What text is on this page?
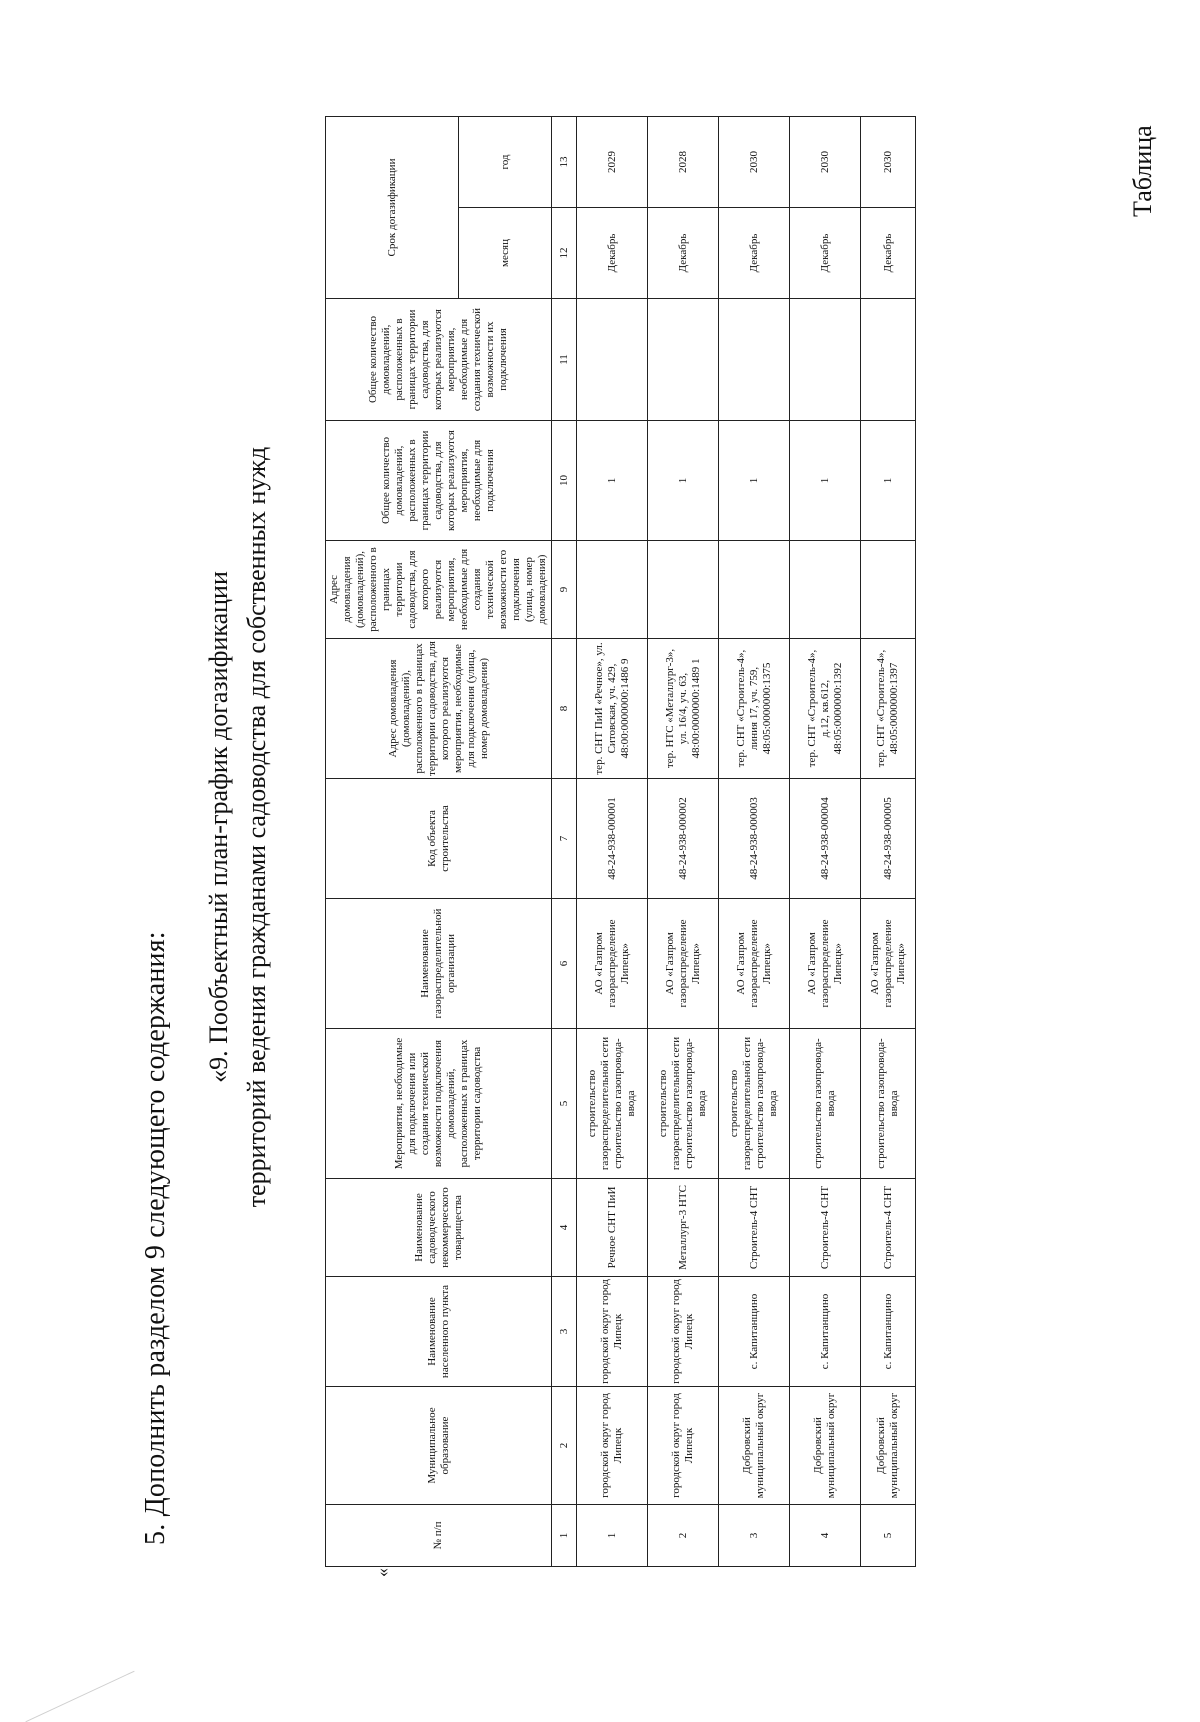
5. Дополнить разделом 9 следующего содержания:
«9. Пообъектный план-график догазификации территорий ведения гражданами садоводства для собственных нужд
Таблица
«
№ п/п	Муниципальное образование	Наименование населенного пункта	Наименование садоводческого некоммерческого товарищества	Мероприятия, необходимые для подключения или создания технической возможности подключения домовладений, расположенных в границах территории садоводства	Наименование газораспределительной организации	Код объекта строительства	Адрес домовладения (домовладений), расположенного в границах территории садоводства, для которого реализуются мероприятия, необходимые для подключения (улица, номер домовладения)	Адрес домовладения (домовладений), расположенного в границах территории садоводства, для которого реализуются мероприятия, необходимые для создания технической возможности его подключения (улица, номер домовладения)	Общее количество домовладений, расположенных в границах территории садоводства, для которых реализуются мероприятия, необходимые для подключения	Общее количество домовладений, расположенных в границах территории садоводства, для которых реализуются мероприятия, необходимые для создания технической возможности их подключения	Срок догазификации	
											месяц	год
1	2	3	4	5	6	7	8	9	10	11	12	13
1	городской округ город Липецк	городской округ город Липецк	Речное СНТ ПиИ	строительство газораспределительной сети строительство газопровода-ввода	АО «Газпром газораспределение Липецк»	48-24-938-000001	тер. СНТ ПиИ «Речное», ул. Ситовская, уч. 429, 48:00:0000000:1486 9		1		Декабрь	2029
2	городской округ город Липецк	городской округ город Липецк	Металлург-3 НТС	строительство газораспределительной сети строительство газопровода-ввода	АО «Газпром газораспределение Липецк»	48-24-938-000002	тер. НТС «Металлург-3», ул. 16/4, уч. 63, 48:00:0000000:1489 1		1		Декабрь	2028
3	Добровский муниципальный округ	с. Капитанщино	Строитель-4 СНТ	строительство газораспределительной сети строительство газопровода-ввода	АО «Газпром газораспределение Липецк»	48-24-938-000003	тер. СНТ «Строитель-4», линия 17, уч. 759, 48:05:0000000:1375		1		Декабрь	2030
4	Добровский муниципальный округ	с. Капитанщино	Строитель-4 СНТ	строительство газопровода-ввода	АО «Газпром газораспределение Липецк»	48-24-938-000004	тер. СНТ «Строитель-4», д.12, кв.612, 48:05:0000000:1392		1		Декабрь	2030
5	Добровский муниципальный округ	с. Капитанщино	Строитель-4 СНТ	строительство газопровода-ввода	АО «Газпром газораспределение Липецк»	48-24-938-000005	тер. СНТ «Строитель-4», 48:05:0000000:1397		1		Декабрь	2030
